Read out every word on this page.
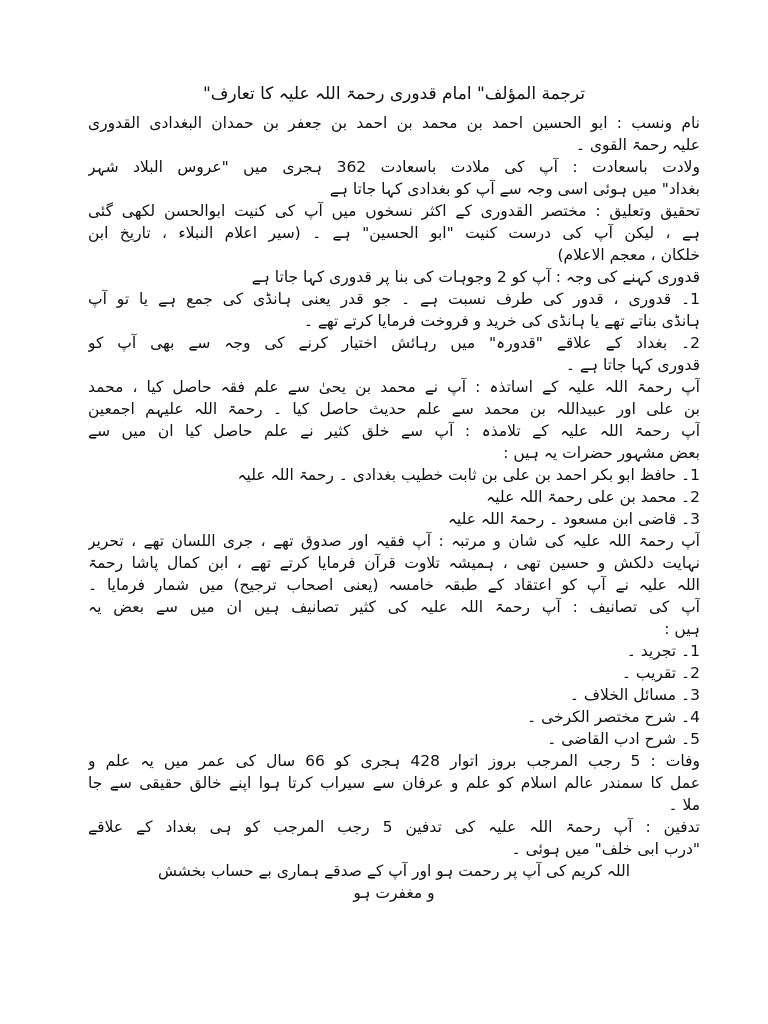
ترجمة المؤلف" امام قدوری رحمۃ اللہ علیہ کا تعارف"
نام ونسب : ابو الحسین احمد بن محمد بن احمد بن جعفر بن حمدان البغدادی القدوری
علیہ رحمۃ القوی ۔
ولادت باسعادت : آپ کی ملادت باسعادت 362 ہجری میں "عروس البلاد شہر
بغداد" میں ہوئی اسی وجہ سے آپ کو بغدادی کہا جاتا ہے
تحقیق وتعلیق : مختصر القدوری کے اکثر نسخوں میں آپ کی کنیت ابوالحسن لکھی گئی
ہے ، لیکن آپ کی درست کنیت "ابو الحسین" ہے ۔ (سیر اعلام النبلاء ، تاریخ ابن
خلکان ، معجم الاعلام)
قدوری کہنے کی وجہ : آپ کو 2 وجوہات کی بنا پر قدوری کہا جاتا ہے
1۔ قدوری ، قدور کی طرف نسبت ہے ۔ جو قدر یعنی ہانڈی کی جمع ہے یا تو آپ
ہانڈی بناتے تھے یا ہانڈی کی خرید و فروخت فرمایا کرتے تھے ۔
2۔ بغداد کے علاقے "قدورہ" میں رہائش اختیار کرنے کی وجہ سے بھی آپ کو
قدوری کہا جاتا ہے ۔
آپ رحمۃ اللہ علیہ کے اساتذہ : آپ نے محمد بن یحیٰ سے علم فقہ حاصل کیا ، محمد
بن علی اور عبیداللہ بن محمد سے علم حدیث حاصل کیا ۔ رحمۃ اللہ علیہم اجمعین
آپ رحمۃ اللہ علیہ کے تلامذہ : آپ سے خلق کثیر نے علم حاصل کیا ان میں سے
بعض مشہور حضرات یہ ہیں :
1۔ حافظ ابو بکر احمد بن علی بن ثابت خطیب بغدادی ۔ رحمۃ اللہ علیہ
2۔ محمد بن علی رحمۃ اللہ علیہ
3۔ قاضی ابن مسعود ۔ رحمۃ اللہ علیہ
آپ رحمۃ اللہ علیہ کی شان و مرتبہ : آپ فقیہ اور صدوق تھے ، جری اللسان تھے ، تحریر
نہایت دلکش و حسین تھی ، ہمیشہ تلاوت قرآن فرمایا کرتے تھے ، ابن کمال پاشا رحمۃ
اللہ علیہ نے آپ کو اعتقاد کے طبقہ خامسہ (یعنی اصحاب ترجیح) میں شمار فرمایا ۔
آپ کی تصانیف : آپ رحمۃ اللہ علیہ کی کثیر تصانیف ہیں ان میں سے بعض یہ
ہیں :
1۔ تجرید ۔
2۔ تقریب ۔
3۔ مسائل الخلاف ۔
4۔ شرح مختصر الکرخی ۔
5۔ شرح ادب القاضی ۔
وفات : 5 رجب المرجب بروز اتوار 428 ہجری کو 66 سال کی عمر میں یہ علم و
عمل کا سمندر عالم اسلام کو علم و عرفان سے سیراب کرتا ہوا اپنے خالق حقیقی سے جا
ملا ۔
تدفین : آپ رحمۃ اللہ علیہ کی تدفین 5 رجب المرجب کو ہی بغداد کے علاقے
"درب ابی خلف" میں ہوئی ۔
اللہ کریم کی آپ پر رحمت ہو اور آپ کے صدقے ہماری بے حساب بخشش
و مغفرت ہو
